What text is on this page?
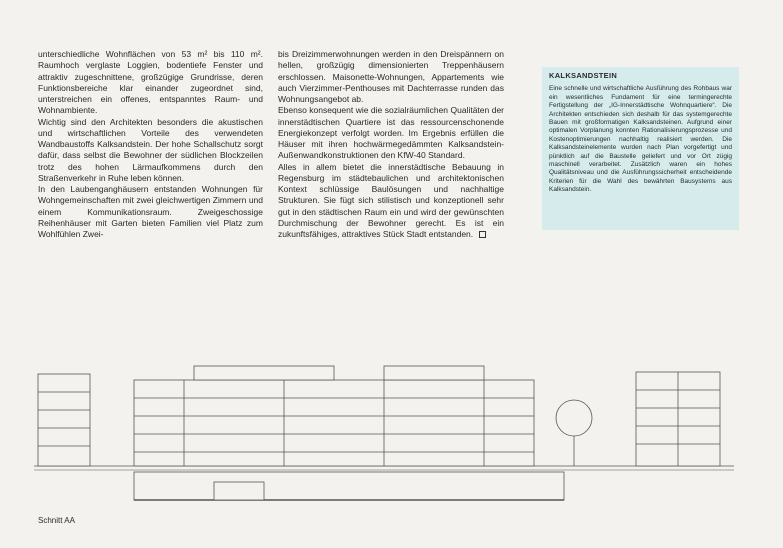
unterschiedliche Wohnflächen von 53 m² bis 110 m². Raumhoch verglaste Loggien, bodentiefe Fenster und attraktiv zugeschnittene, großzügige Grundrisse, deren Funktionsbereiche klar einander zugeordnet sind, unterstreichen ein offenes, entspanntes Raum- und Wohnambiente.

Wichtig sind den Architekten besonders die akustischen und wirtschaftlichen Vorteile des verwendeten Wandbaustoffs Kalksandstein. Der hohe Schallschutz sorgt dafür, dass selbst die Bewohner der südlichen Blockzeilen trotz des hohen Lärmaufkommens durch den Straßenverkehr in Ruhe leben können.

In den Laubenganghäusern entstanden Wohnungen für Wohngemeinschaften mit zwei gleichwertigen Zimmern und einem Kommunikationsraum. Zweigeschossige Reihenhäuser mit Garten bieten Familien viel Platz zum Wohlfühlen Zwei-

bis Dreizimmerwohnungen werden in den Dreispännern on hellen, großzügig dimensionierten Treppenhäusern erschlossen. Maisonette-Wohnungen, Appartements wie auch Vierzimmer-Penthouses mit Dachterrasse runden das Wohnungsangebot ab.

Ebenso konsequent wie die sozialräumlichen Qualitäten der innerstädtischen Quartiere ist das ressourcenschonende Energiekonzept verfolgt worden. Im Ergebnis erfüllen die Häuser mit ihren hochwärmegedämmten Kalksandstein-Außenwandkonstruktionen den KfW-40 Standard.

Alles in allem bietet die innerstädtische Bebauung in Regensburg im städtebaulichen und architektonischen Kontext schlüssige Baulösungen und nachhaltige Strukturen. Sie fügt sich stilistisch und konzeptionell sehr gut in den städtischen Raum ein und wird der gewünschten Durchmischung der Bewohner gerecht. Es ist ein zukunftsfähiges, attraktives Stück Stadt entstanden.

KALKSANDSTEIN

Eine schnelle und wirtschaftliche Ausführung des Rohbaus war ein wesentliches Fundament für eine termingerechte Fertigstellung der „IG-Innerstädtische Wohnquartiere“. Die Architekten entschieden sich deshalb für das systemgerechte Bauen mit großformatigen Kalksandsteinen. Aufgrund einer optimalen Vorplanung konnten Rationalisierungsprozesse und Kostenoptimierungen nachhaltig realisiert werden. Die Kalksandsteinelemente wurden nach Plan vorgefertigt und pünktlich auf die Baustelle geliefert und vor Ort zügig maschinell verarbeitet. Zusätzlich waren ein hohes Qualitätsniveau und die Ausführungssicherheit entscheidende Kriterien für die Wahl des bewährten Bausystems aus Kalksandstein.

Schnitt AA
